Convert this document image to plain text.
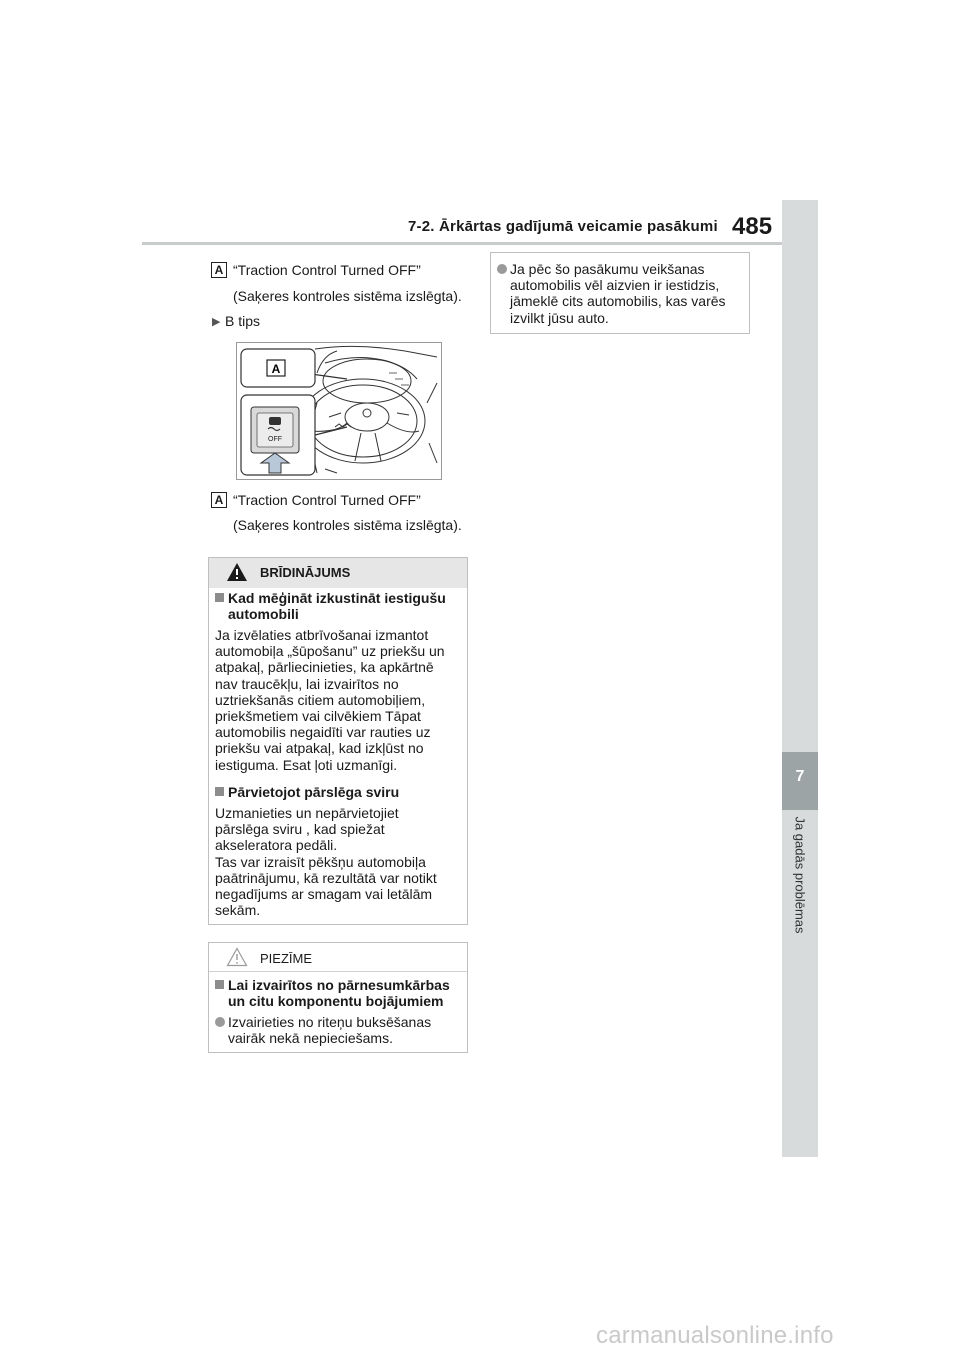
7-2. Ārkārtas gadījumā veicamie pasākumi 485
7
Ja gadās problēmas
A “Traction Control Turned OFF”
(Saķeres kontroles sistēma izslēgta).
▶ B tips
A
OFF
A “Traction Control Turned OFF”
(Saķeres kontroles sistēma izslēgta).
BRĪDINĀJUMS
Kad mēģināt izkustināt iestigušu
automobili
Ja izvēlaties atbrīvošanai izmantot
automobiļa „šūpošanu” uz priekšu un
atpakaļ, pārliecinieties, ka apkārtnē
nav traucēkļu, lai izvairītos no
uztriekšanās citiem automobiļiem,
priekšmetiem vai cilvēkiem Tāpat
automobilis negaidīti var rauties uz
priekšu vai atpakaļ, kad izkļūst no
iestiguma. Esat ļoti uzmanīgi.
Pārvietojot pārslēga sviru
Uzmanieties un nepārvietojiet
pārslēga sviru , kad spiežat
akseleratora pedāli.
Tas var izraisīt pēkšņu automobiļa
paātrinājumu, kā rezultātā var notikt
negadījums ar smagam vai letālām
sekām.
PIEZĪME
Lai izvairītos no pārnesumkārbas
un citu komponentu bojājumiem
Izvairieties no riteņu buksēšanas
vairāk nekā nepieciešams.
Ja pēc šo pasākumu veikšanas
automobilis vēl aizvien ir iestidzis,
jāmeklē cits automobilis, kas varēs
izvilkt jūsu auto.
carmanualsonline.info
